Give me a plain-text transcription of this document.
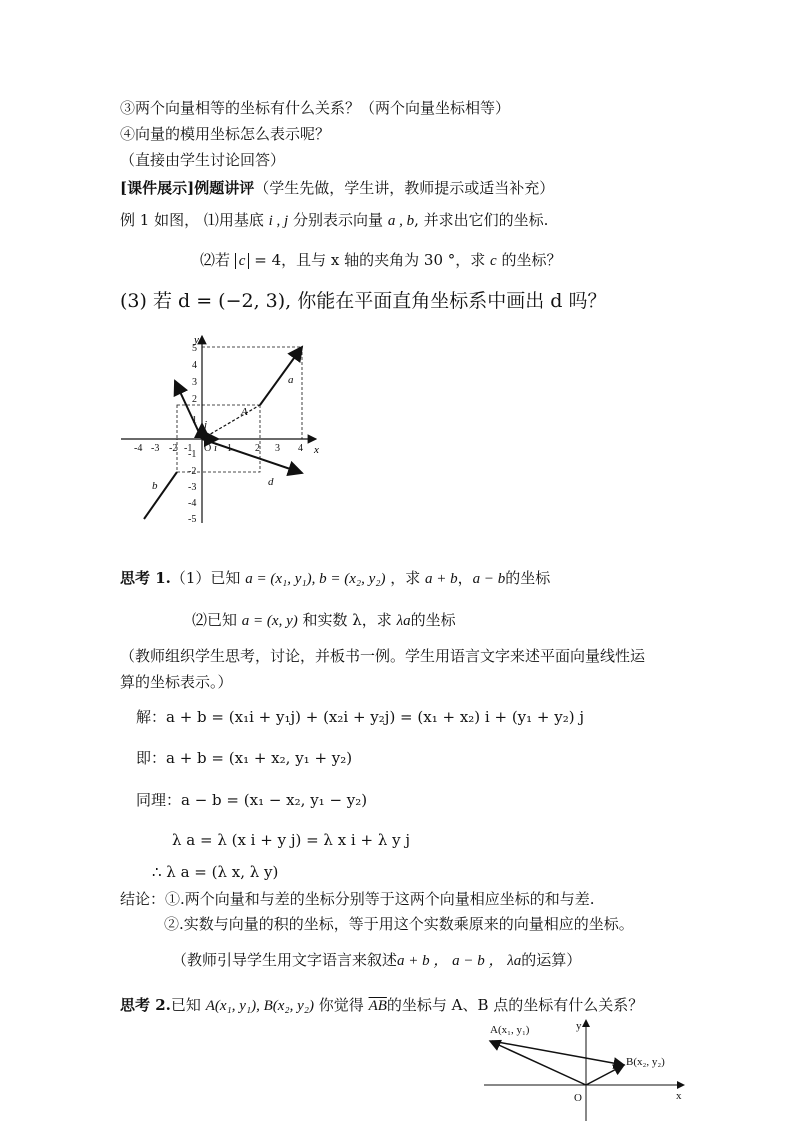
③两个向量相等的坐标有什么关系？（两个向量坐标相等）
④向量的模用坐标怎么表示呢？
（直接由学生讨论回答）
[课件展示]例题讲评（学生先做，学生讲，教师提示或适当补充）
例 1 如图， ⑴用基底 i , j 分别表示向量 a , b, 并求出它们的坐标.
⑵若 c = 4，且与 x 轴的夹角为 30 °，求 c 的坐标？
(3) 若 d = (−2, 3), 你能在平面直角坐标系中画出 d 吗？
-4 -3 -2 -1 O 1 2 3 4
5
4
3
2
1
-1
-2
-3
-4
-5
y
x
a
A
b	d
j
i
思考 1.（1）已知 a = (x₁, y₁), b = (x₂, y₂) ，求 a + b，a − b的坐标
⑵已知 a = (x, y) 和实数 λ，求 λa的坐标
（教师组织学生思考，讨论，并板书一例。学生用语言文字来述平面向量线性运
算的坐标表示。）
解：a + b = (x₁i + y₁j) + (x₂i + y₂j) = (x₁ + x₂) i + (y₁ + y₂) j
即：a + b = (x₁ + x₂, y₁ + y₂)
同理：a − b = (x₁ − x₂, y₁ − y₂)
λ a = λ (x i + y j) = λ x i + λ y j
∴ λ a = (λ x, λ y)
结论：①.两个向量和与差的坐标分别等于这两个向量相应坐标的和与差.
②.实数与向量的积的坐标，等于用这个实数乘原来的向量相应的坐标。
（教师引导学生用文字语言来叙述a + b ， a − b ， λa的运算）
思考 2.已知 A(x₁, y₁), B(x₂, y₂) 你觉得 $\overline{AB}$的坐标与 A、B 点的坐标有什么关系？
A(x₁, y₁)
B(x₂, y₂)
O	x
y
